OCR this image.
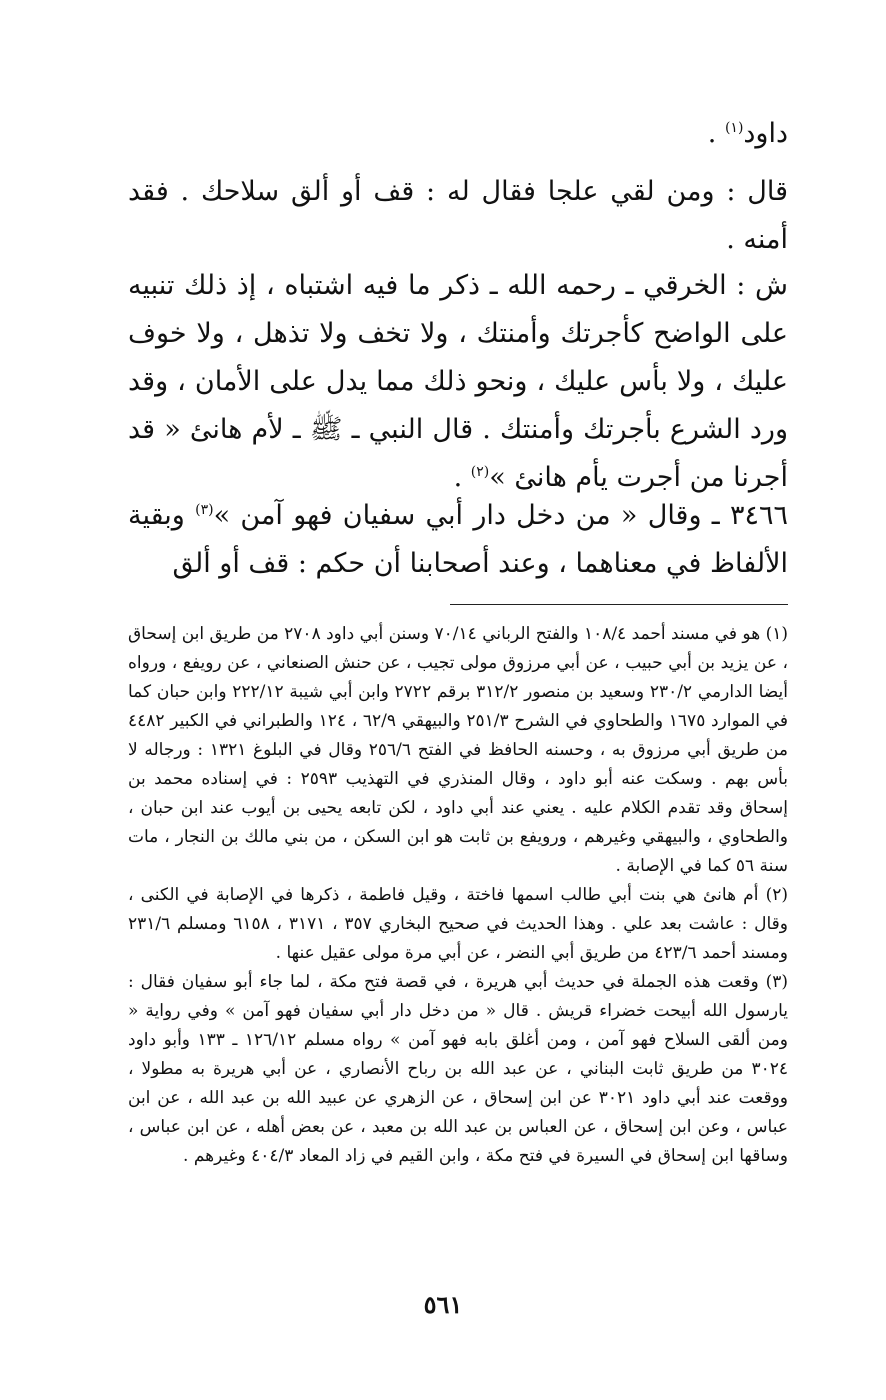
داود$^{(١)}$ .

قال : ومن لقي علجا فقال له : قف أو ألق سلاحك . فقد أمنه .

ش : الخرقي ـ رحمه الله ـ ذكر ما فيه اشتباه ، إذ ذلك تنبيه على الواضح كأجرتك وأمنتك ، ولا تخف ولا تذهل ، ولا خوف عليك ، ولا بأس عليك ، ونحو ذلك مما يدل على الأمان ، وقد ورد الشرع بأجرتك وأمنتك . قال النبي ـ ﷺ ـ لأم هانئ « قد أجرنا من أجرت يأم هانئ »$^{(٢)}$ .

٣٤٦٦ ـ وقال « من دخل دار أبي سفيان فهو آمن »$^{(٣)}$ وبقية الألفاظ في معناهما ، وعند أصحابنا أن حكم : قف أو ألق

(١) هو في مسند أحمد ١٠٨/٤ والفتح الرباني ٧٠/١٤ وسنن أبي داود ٢٧٠٨ من طريق ابن إسحاق ، عن يزيد بن أبي حبيب ، عن أبي مرزوق مولى تجيب ، عن حنش الصنعاني ، عن رويفع ، ورواه أيضا الدارمي ٢٣٠/٢ وسعيد بن منصور ٣١٢/٢ برقم ٢٧٢٢ وابن أبي شيبة ٢٢٢/١٢ وابن حبان كما في الموارد ١٦٧٥ والطحاوي في الشرح ٢٥١/٣ والبيهقي ٦٢/٩ ، ١٢٤ والطبراني في الكبير ٤٤٨٢ من طريق أبي مرزوق به ، وحسنه الحافظ في الفتح ٢٥٦/٦ وقال في البلوغ ١٣٢١ : ورجاله لا بأس بهم . وسكت عنه أبو داود ، وقال المنذري في التهذيب ٢٥٩٣ : في إسناده محمد بن إسحاق وقد تقدم الكلام عليه . يعني عند أبي داود ، لكن تابعه يحيى بن أيوب عند ابن حبان ، والطحاوي ، والبيهقي وغيرهم ، ورويفع بن ثابت هو ابن السكن ، من بني مالك بن النجار ، مات سنة ٥٦ كما في الإصابة .

(٢) أم هانئ هي بنت أبي طالب اسمها فاختة ، وقيل فاطمة ، ذكرها في الإصابة في الكنى ، وقال : عاشت بعد علي . وهذا الحديث في صحيح البخاري ٣٥٧ ، ٣١٧١ ، ٦١٥٨ ومسلم ٢٣١/٦ ومسند أحمد ٤٢٣/٦ من طريق أبي النضر ، عن أبي مرة مولى عقيل عنها .

(٣) وقعت هذه الجملة في حديث أبي هريرة ، في قصة فتح مكة ، لما جاء أبو سفيان فقال : يارسول الله أبيحت خضراء قريش . قال « من دخل دار أبي سفيان فهو آمن » وفي رواية « ومن ألقى السلاح فهو آمن ، ومن أغلق بابه فهو آمن » رواه مسلم ١٢٦/١٢ ـ ١٣٣ وأبو داود ٣٠٢٤ من طريق ثابت البناني ، عن عبد الله بن رباح الأنصاري ، عن أبي هريرة به مطولا ، ووقعت عند أبي داود ٣٠٢١ عن ابن إسحاق ، عن الزهري عن عبيد الله بن عبد الله ، عن ابن عباس ، وعن ابن إسحاق ، عن العباس بن عبد الله بن معبد ، عن بعض أهله ، عن ابن عباس ، وساقها ابن إسحاق في السيرة في فتح مكة ، وابن القيم في زاد المعاد ٤٠٤/٣ وغيرهم .

٥٦١
